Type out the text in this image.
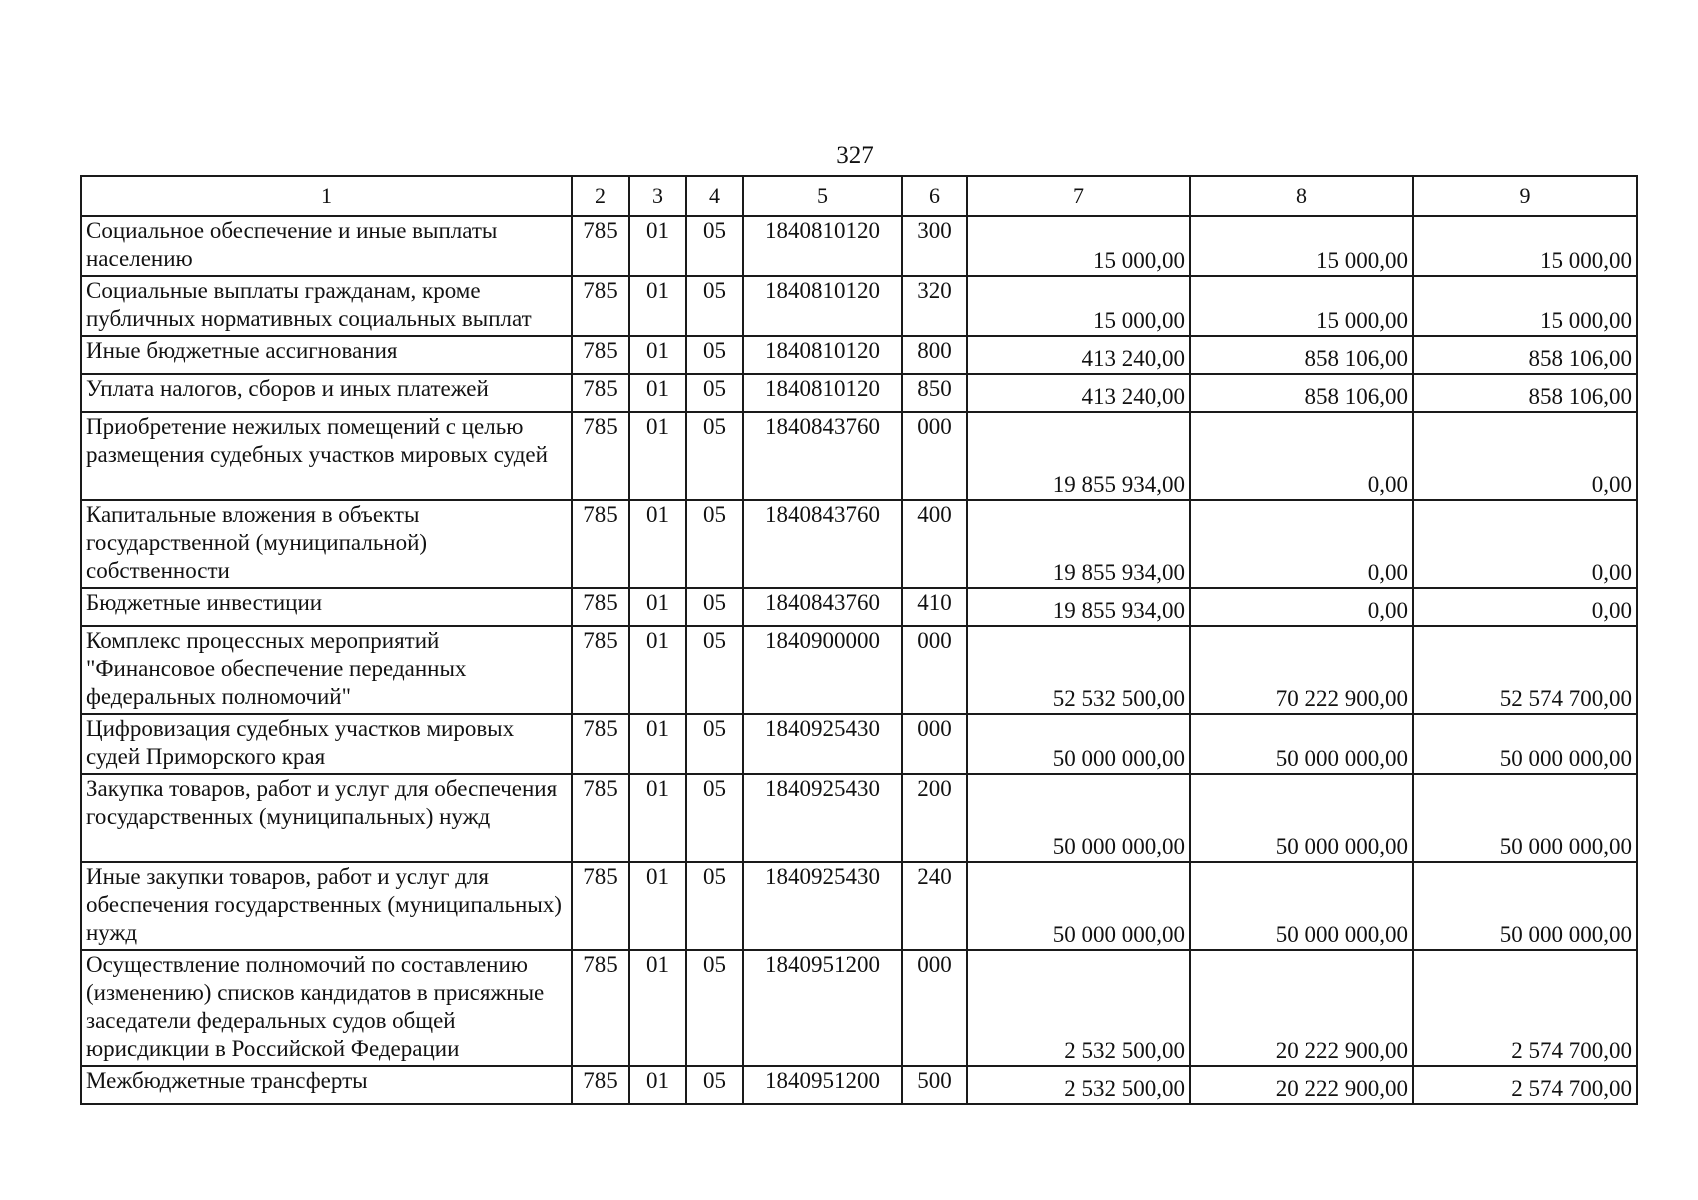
327
1	2	3	4	5	6	7	8	9
Социальное обеспечение и иные выплаты населению	785	01	05	1840810120	300	15 000,00	15 000,00	15 000,00
Социальные выплаты гражданам, кроме публичных нормативных социальных выплат	785	01	05	1840810120	320	15 000,00	15 000,00	15 000,00
Иные бюджетные ассигнования	785	01	05	1840810120	800	413 240,00	858 106,00	858 106,00
Уплата налогов, сборов и иных платежей	785	01	05	1840810120	850	413 240,00	858 106,00	858 106,00
Приобретение нежилых помещений с целью размещения судебных участков мировых судей	785	01	05	1840843760	000	19 855 934,00	0,00	0,00
Капитальные вложения в объекты государственной (муниципальной) собственности	785	01	05	1840843760	400	19 855 934,00	0,00	0,00
Бюджетные инвестиции	785	01	05	1840843760	410	19 855 934,00	0,00	0,00
Комплекс процессных мероприятий "Финансовое обеспечение переданных федеральных полномочий"	785	01	05	1840900000	000	52 532 500,00	70 222 900,00	52 574 700,00
Цифровизация судебных участков мировых судей Приморского края	785	01	05	1840925430	000	50 000 000,00	50 000 000,00	50 000 000,00
Закупка товаров, работ и услуг для обеспечения государственных (муниципальных) нужд	785	01	05	1840925430	200	50 000 000,00	50 000 000,00	50 000 000,00
Иные закупки товаров, работ и услуг для обеспечения государственных (муниципальных) нужд	785	01	05	1840925430	240	50 000 000,00	50 000 000,00	50 000 000,00
Осуществление полномочий по составлению (изменению) списков кандидатов в присяжные заседатели федеральных судов общей юрисдикции в Российской Федерации	785	01	05	1840951200	000	2 532 500,00	20 222 900,00	2 574 700,00
Межбюджетные трансферты	785	01	05	1840951200	500	2 532 500,00	20 222 900,00	2 574 700,00
